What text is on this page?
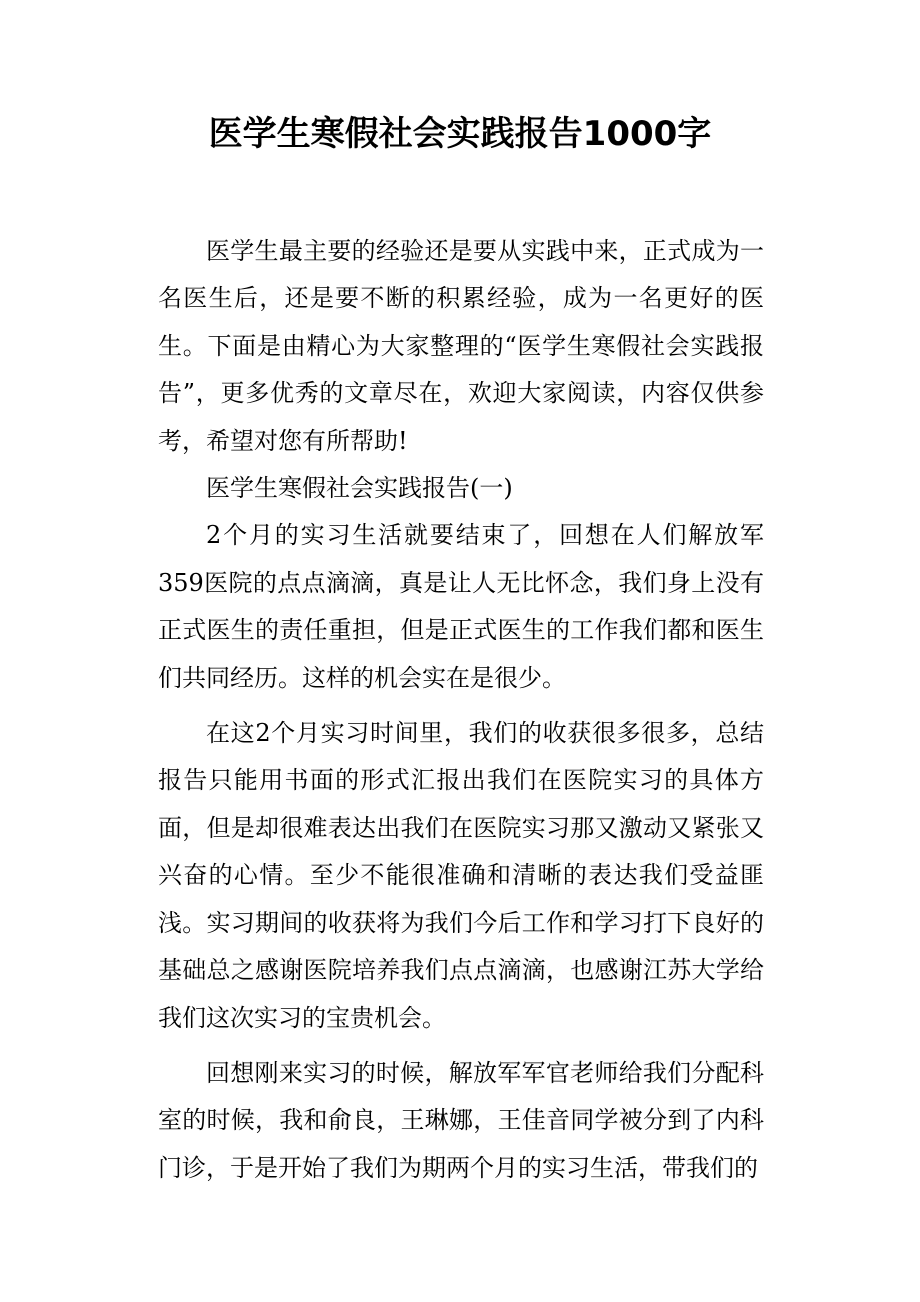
医学生寒假社会实践报告1000字

医学生最主要的经验还是要从实践中来，正式成为一名医生后，还是要不断的积累经验，成为一名更好的医生。下面是由精心为大家整理的“医学生寒假社会实践报告”，更多优秀的文章尽在，欢迎大家阅读，内容仅供参考，希望对您有所帮助!

医学生寒假社会实践报告(一)

2个月的实习生活就要结束了，回想在人们解放军359医院的点点滴滴，真是让人无比怀念，我们身上没有正式医生的责任重担，但是正式医生的工作我们都和医生们共同经历。这样的机会实在是很少。

在这2个月实习时间里，我们的收获很多很多，总结报告只能用书面的形式汇报出我们在医院实习的具体方面，但是却很难表达出我们在医院实习那又激动又紧张又兴奋的心情。至少不能很准确和清晰的表达我们受益匪浅。实习期间的收获将为我们今后工作和学习打下良好的基础总之感谢医院培养我们点点滴滴，也感谢江苏大学给我们这次实习的宝贵机会。

回想刚来实习的时候，解放军军官老师给我们分配科室的时候，我和俞良，王琳娜，王佳音同学被分到了内科门诊，于是开始了我们为期两个月的实习生活，带我们的
